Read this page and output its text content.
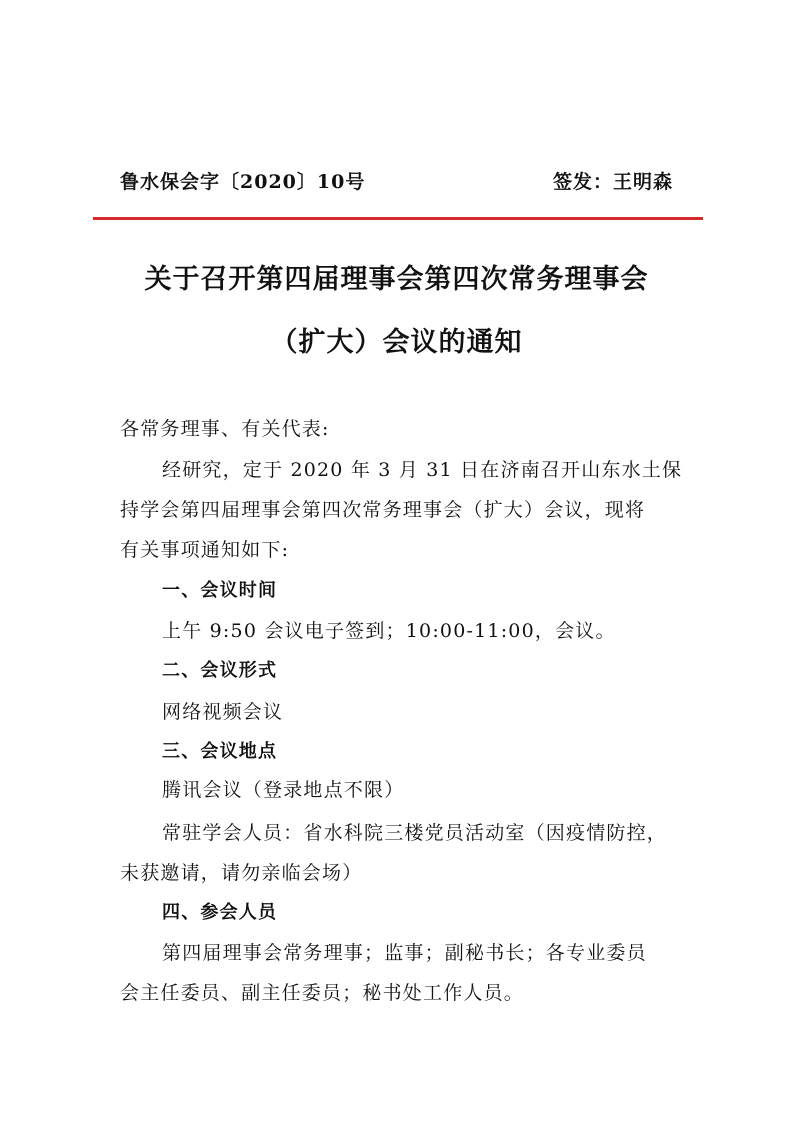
鲁水保会字〔2020〕10号	签发：王明森
关于召开第四届理事会第四次常务理事会
（扩大）会议的通知
各常务理事、有关代表:
经研究，定于 2020 年 3 月 31 日在济南召开山东水土保
持学会第四届理事会第四次常务理事会（扩大）会议，现将
有关事项通知如下:
一、会议时间
上午 9:50 会议电子签到；10:00-11:00，会议。
二、会议形式
网络视频会议
三、会议地点
腾讯会议（登录地点不限）
常驻学会人员：省水科院三楼党员活动室（因疫情防控，
未获邀请，请勿亲临会场）
四、参会人员
第四届理事会常务理事；监事；副秘书长；各专业委员
会主任委员、副主任委员；秘书处工作人员。
